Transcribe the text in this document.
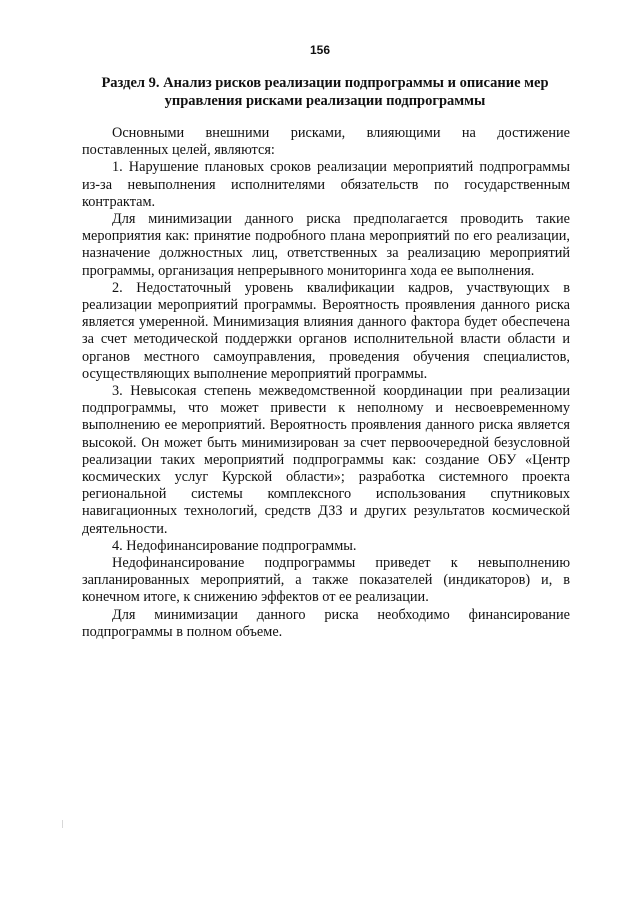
156
Раздел 9. Анализ рисков реализации подпрограммы и описание мер управления рисками реализации подпрограммы

Основными внешними рисками, влияющими на достижение поставленных целей, являются:

1. Нарушение плановых сроков реализации мероприятий подпрограммы из-за невыполнения исполнителями обязательств по государственным контрактам.

Для минимизации данного риска предполагается проводить такие мероприятия как: принятие подробного плана мероприятий по его реализации, назначение должностных лиц, ответственных за реализацию мероприятий программы, организация непрерывного мониторинга хода ее выполнения.

2. Недостаточный уровень квалификации кадров, участвующих в реализации мероприятий программы. Вероятность проявления данного риска является умеренной. Минимизация влияния данного фактора будет обеспечена за счет методической поддержки органов исполнительной власти области и органов местного самоуправления, проведения обучения специалистов, осуществляющих выполнение мероприятий программы.

3. Невысокая степень межведомственной координации при реализации подпрограммы, что может привести к неполному и несвоевременному выполнению ее мероприятий. Вероятность проявления данного риска является высокой. Он может быть минимизирован за счет первоочередной безусловной реализации таких мероприятий подпрограммы как: создание ОБУ «Центр космических услуг Курской области»; разработка системного проекта региональной системы комплексного использования спутниковых навигационных технологий, средств ДЗЗ и других результатов космической деятельности.

4. Недофинансирование подпрограммы.

Недофинансирование подпрограммы приведет к невыполнению запланированных мероприятий, а также показателей (индикаторов) и, в конечном итоге, к снижению эффектов от ее реализации.

Для минимизации данного риска необходимо финансирование подпрограммы в полном объеме.
